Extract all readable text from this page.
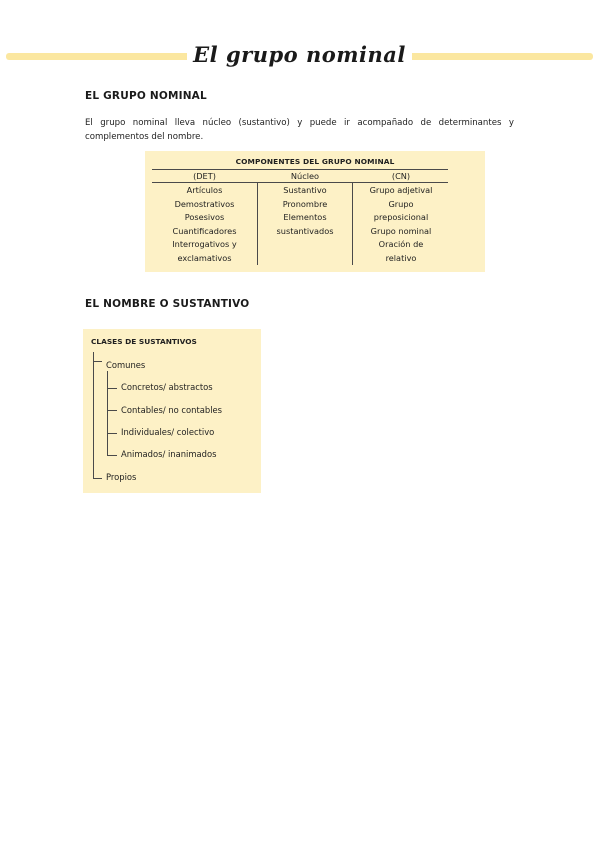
El grupo nominal
EL GRUPO NOMINAL
El grupo nominal lleva núcleo (sustantivo) y puede ir acompañado de determinantes y complementos del nombre.
COMPONENTES DEL GRUPO NOMINAL
(DET)	Núcleo	(CN)
Artículos
Demostrativos
Posesivos
Cuantificadores
Interrogativos y
exclamativos
Sustantivo
Pronombre
Elementos
sustantivados
Grupo adjetival
Grupo
preposicional
Grupo nominal
Oración de
relativo
EL NOMBRE O SUSTANTIVO
CLASES DE SUSTANTIVOS
Comunes
Concretos/ abstractos
Contables/ no contables
Individuales/ colectivo
Animados/ inanimados
Propios
